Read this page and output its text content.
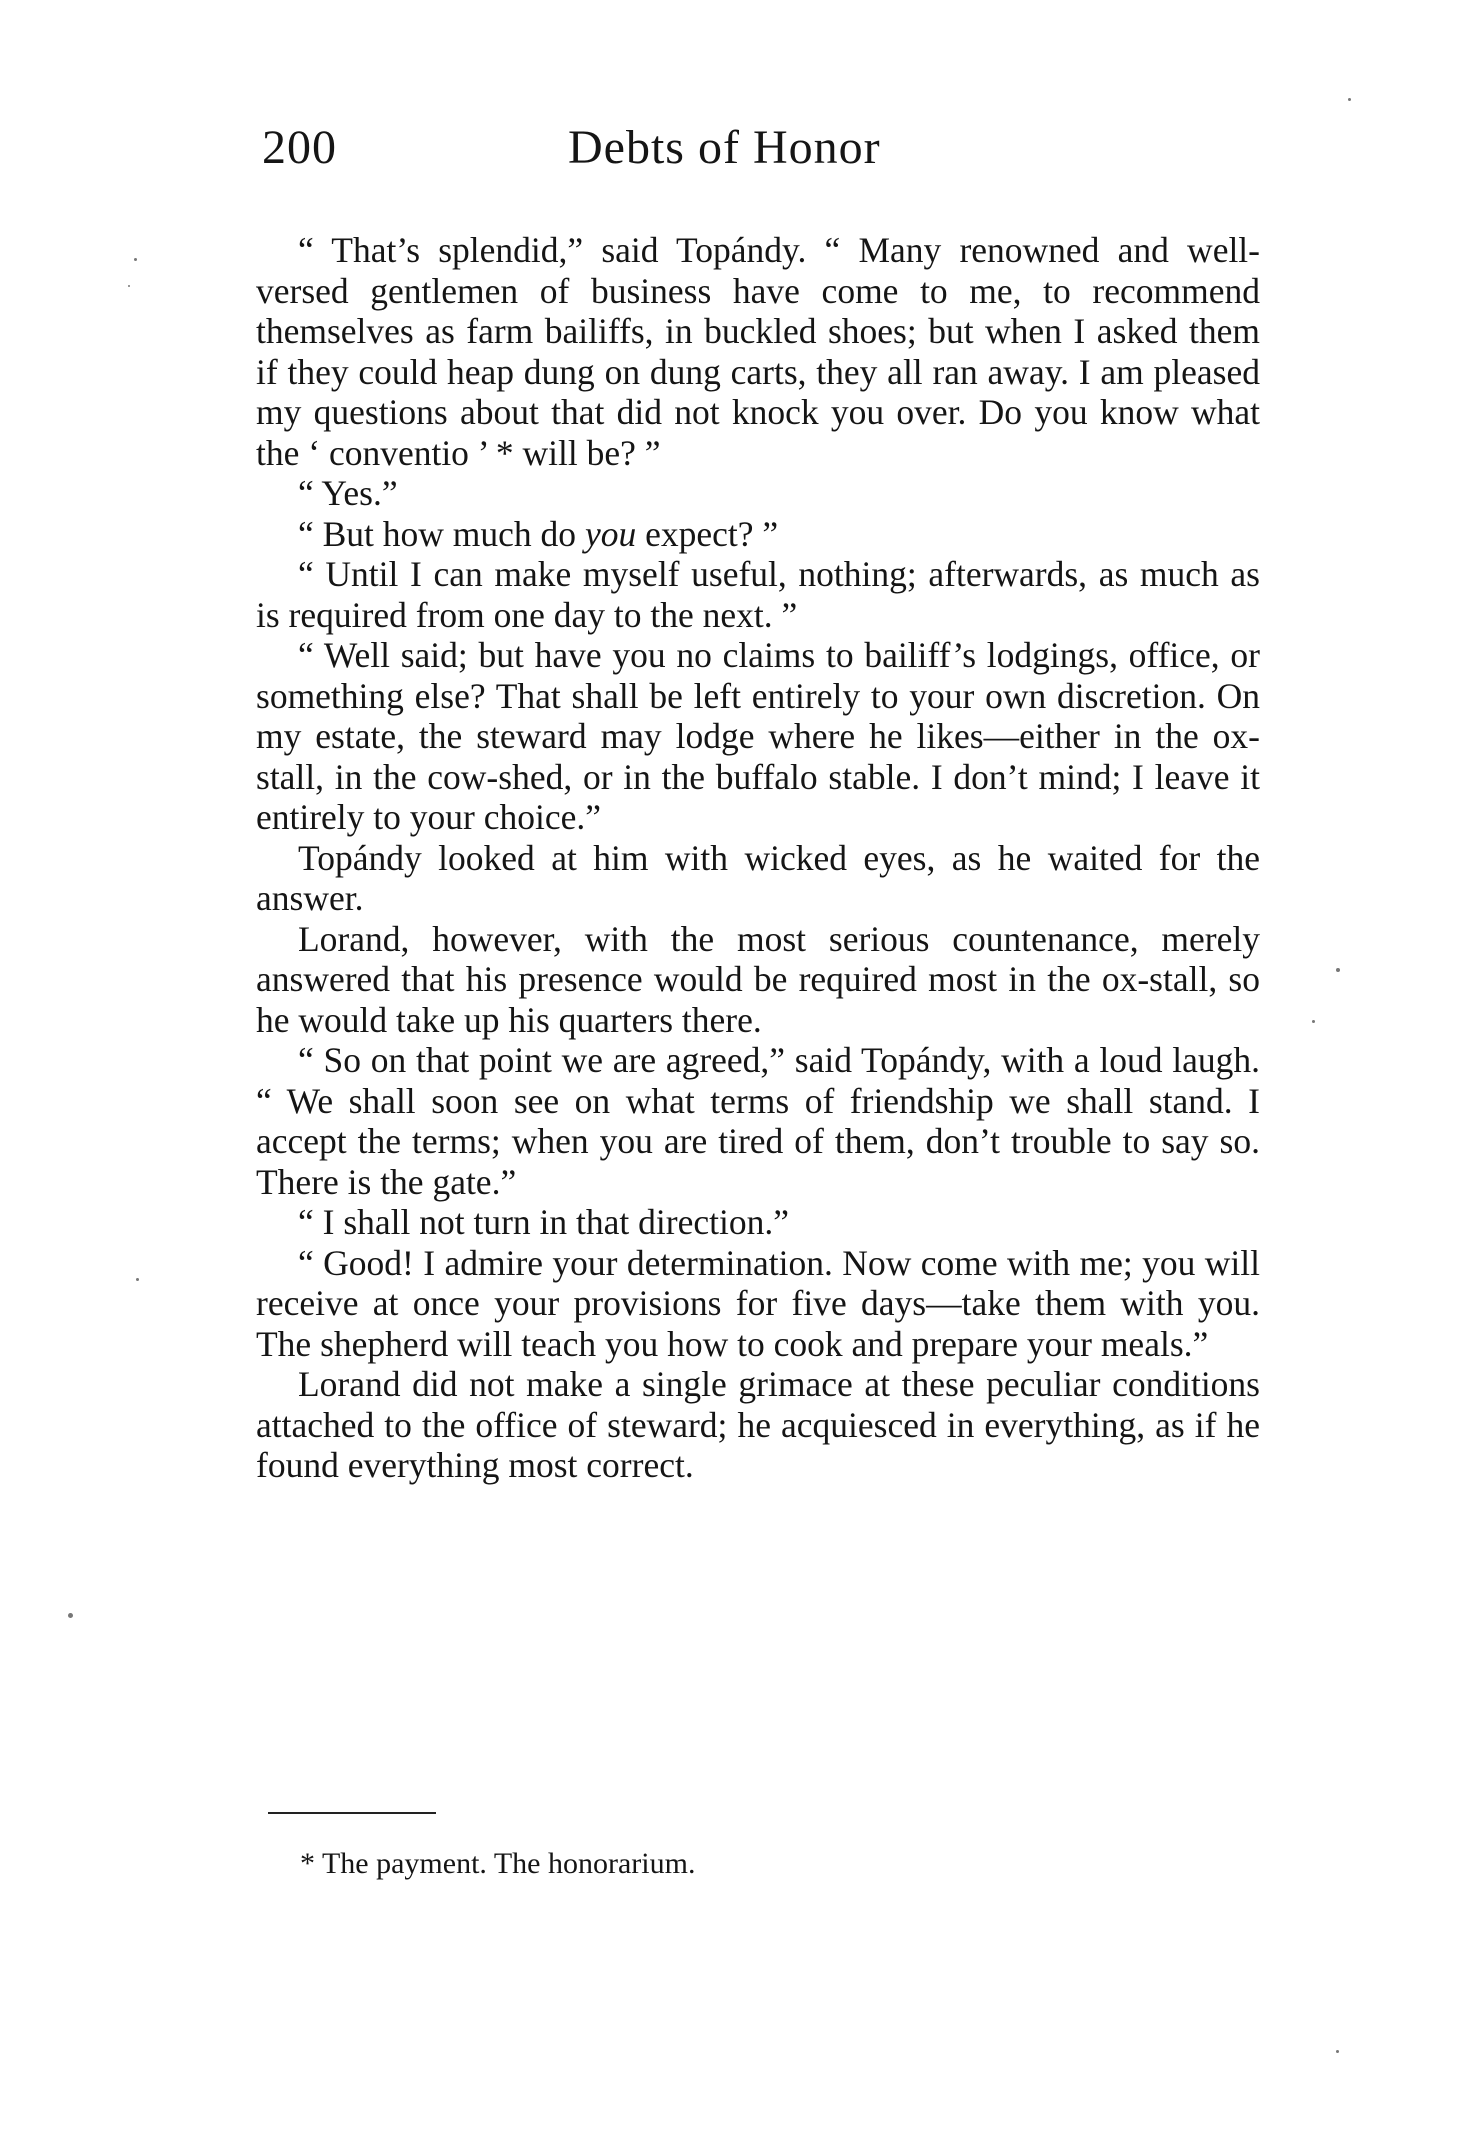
200	Debts of Honor

“ That’s splendid,” said Topándy. “ Many renowned and well-versed gentlemen of business have come to me, to recommend themselves as farm bailiffs, in buckled shoes; but when I asked them if they could heap dung on dung carts, they all ran away. I am pleased my questions about that did not knock you over. Do you know what the ‘ conventio ’ * will be? ”

“ Yes.”

“ But how much do you expect? ”

“ Until I can make myself useful, nothing; afterwards, as much as is required from one day to the next. ”

“ Well said; but have you no claims to bailiff’s lodgings, office, or something else? That shall be left entirely to your own discretion. On my estate, the steward may lodge where he likes—either in the ox-stall, in the cow-shed, or in the buffalo stable. I don’t mind; I leave it entirely to your choice.”

Topándy looked at him with wicked eyes, as he waited for the answer.

Lorand, however, with the most serious countenance, merely answered that his presence would be required most in the ox-stall, so he would take up his quarters there.

“ So on that point we are agreed,” said Topándy, with a loud laugh. “ We shall soon see on what terms of friendship we shall stand. I accept the terms; when you are tired of them, don’t trouble to say so. There is the gate.”

“ I shall not turn in that direction.”

“ Good! I admire your determination. Now come with me; you will receive at once your provisions for five days—take them with you. The shepherd will teach you how to cook and prepare your meals.”

Lorand did not make a single grimace at these peculiar conditions attached to the office of steward; he acquiesced in everything, as if he found everything most correct.

* The payment. The honorarium.
